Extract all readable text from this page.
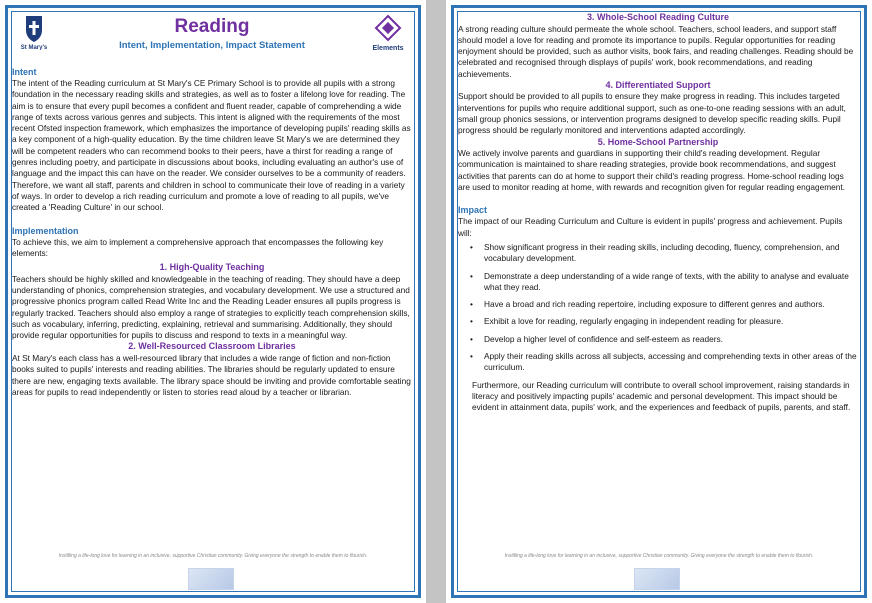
St Mary's	Elements
Reading
Intent, Implementation, Impact Statement
Intent

The intent of the Reading curriculum at St Mary's CE Primary School is to provide all pupils with a strong foundation in the necessary reading skills and strategies, as well as to foster a lifelong love for reading. The aim is to ensure that every pupil becomes a confident and fluent reader, capable of comprehending a wide range of texts across various genres and subjects. This intent is aligned with the requirements of the most recent Ofsted inspection framework, which emphasizes the importance of developing pupils' reading skills as a key component of a high-quality education. By the time children leave St Mary's we are determined they will be competent readers who can recommend books to their peers, have a thirst for reading a range of genres including poetry, and participate in discussions about books, including evaluating an author's use of language and the impact this can have on the reader. We consider ourselves to be a community of readers. Therefore, we want all staff, parents and children in school to communicate their love of reading in a variety of ways. In order to develop a rich reading curriculum and promote a love of reading to all pupils, we've created a 'Reading Culture' in our school.

Implementation

To achieve this, we aim to implement a comprehensive approach that encompasses the following key elements:

1. High-Quality Teaching

Teachers should be highly skilled and knowledgeable in the teaching of reading. They should have a deep understanding of phonics, comprehension strategies, and vocabulary development. We use a structured and progressive phonics program called Read Write Inc and the Reading Leader ensures all pupils progress is regularly tracked. Teachers should also employ a range of strategies to explicitly teach comprehension skills, such as vocabulary, inferring, predicting, explaining, retrieval and summarising. Additionally, they should provide regular opportunities for pupils to discuss and respond to texts in a meaningful way.

2. Well-Resourced Classroom Libraries

At St Mary's each class has a well-resourced library that includes a wide range of fiction and non-fiction books suited to pupils' interests and reading abilities. The libraries should be regularly updated to ensure there are new, engaging texts available. The library space should be inviting and provide comfortable seating areas for pupils to read independently or listen to stories read aloud by a teacher or librarian.

Instilling a life-long love for learning in an inclusive, supportive Christian community. Giving everyone the strength to enable them to flourish.
3. Whole-School Reading Culture

A strong reading culture should permeate the whole school. Teachers, school leaders, and support staff should model a love for reading and promote its importance to pupils. Regular opportunities for reading enjoyment should be provided, such as author visits, book fairs, and reading challenges. Reading should be celebrated and recognised through displays of pupils' work, book recommendations, and reading achievements.

4. Differentiated Support

Support should be provided to all pupils to ensure they make progress in reading. This includes targeted interventions for pupils who require additional support, such as one-to-one reading sessions with an adult, small group phonics sessions, or intervention programs designed to develop specific reading skills. Pupil progress should be regularly monitored and interventions adapted accordingly.

5. Home-School Partnership

We actively involve parents and guardians in supporting their child's reading development. Regular communication is maintained to share reading strategies, provide book recommendations, and suggest activities that parents can do at home to support their child's reading progress. Home-school reading logs are used to monitor reading at home, with rewards and recognition given for regular reading engagement.

Impact

The impact of our Reading Curriculum and Culture is evident in pupils' progress and achievement. Pupils will:

• Show significant progress in their reading skills, including decoding, fluency, comprehension, and vocabulary development.
• Demonstrate a deep understanding of a wide range of texts, with the ability to analyse and evaluate what they read.
• Have a broad and rich reading repertoire, including exposure to different genres and authors.
• Exhibit a love for reading, regularly engaging in independent reading for pleasure.
• Develop a higher level of confidence and self-esteem as readers.
• Apply their reading skills across all subjects, accessing and comprehending texts in other areas of the curriculum.

Furthermore, our Reading curriculum will contribute to overall school improvement, raising standards in literacy and positively impacting pupils' academic and personal development. This impact should be evident in attainment data, pupils' work, and the experiences and feedback of pupils, parents, and staff.

Instilling a life-long love for learning in an inclusive, supportive Christian community. Giving everyone the strength to enable them to flourish.
